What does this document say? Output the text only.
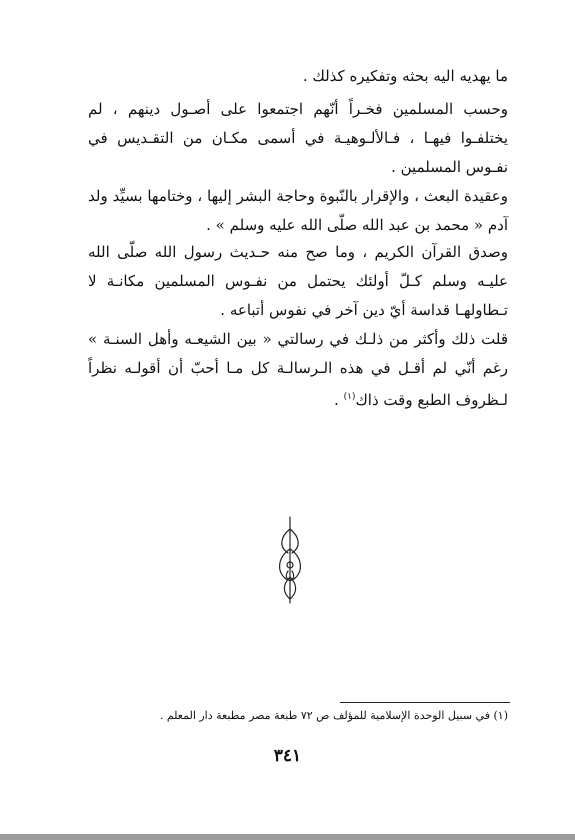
ما يهديه اليه بحثه وتفكيره كذلك .

وحسب المسلمين فخـراً أنّهم اجتمعوا على أصـول دينهم ، لم يختلفـوا فيهـا ، فـالألـوهيـة في أسمى مكـان من التقـديس في نفـوس المسلمين .

وعقيدة البعث ، والإقرار بالنّبوة وحاجة البشر إليها ، وختامها بسيِّد ولد آدم « محمد بن عبد الله صلّى الله عليه وسلم » .

وصدق القرآن الكريم ، وما صح منه حـديث رسول الله صلّى الله عليـه وسلم كـلّ أولئك يحتمل من نفـوس المسلمين مكانـة لا تـطاولهـا قداسة أيّ دين آخر في نفوس أتباعه .

قلت ذلك وأكثر من ذلـك في رسالتي « بين الشيعـه وأهل السنـة » رغم أنّي لم أقـل في هذه الـرسالـة كل مـا أحبّ أن أقولـه نظراً لـظروف الطبع وقت ذاك$^{(١)}$ .

(١) في سبيل الوحدة الإسلامية للمؤلف ص ٧٢ طبعة مصر مطبعة دار المعلم .

٣٤١
